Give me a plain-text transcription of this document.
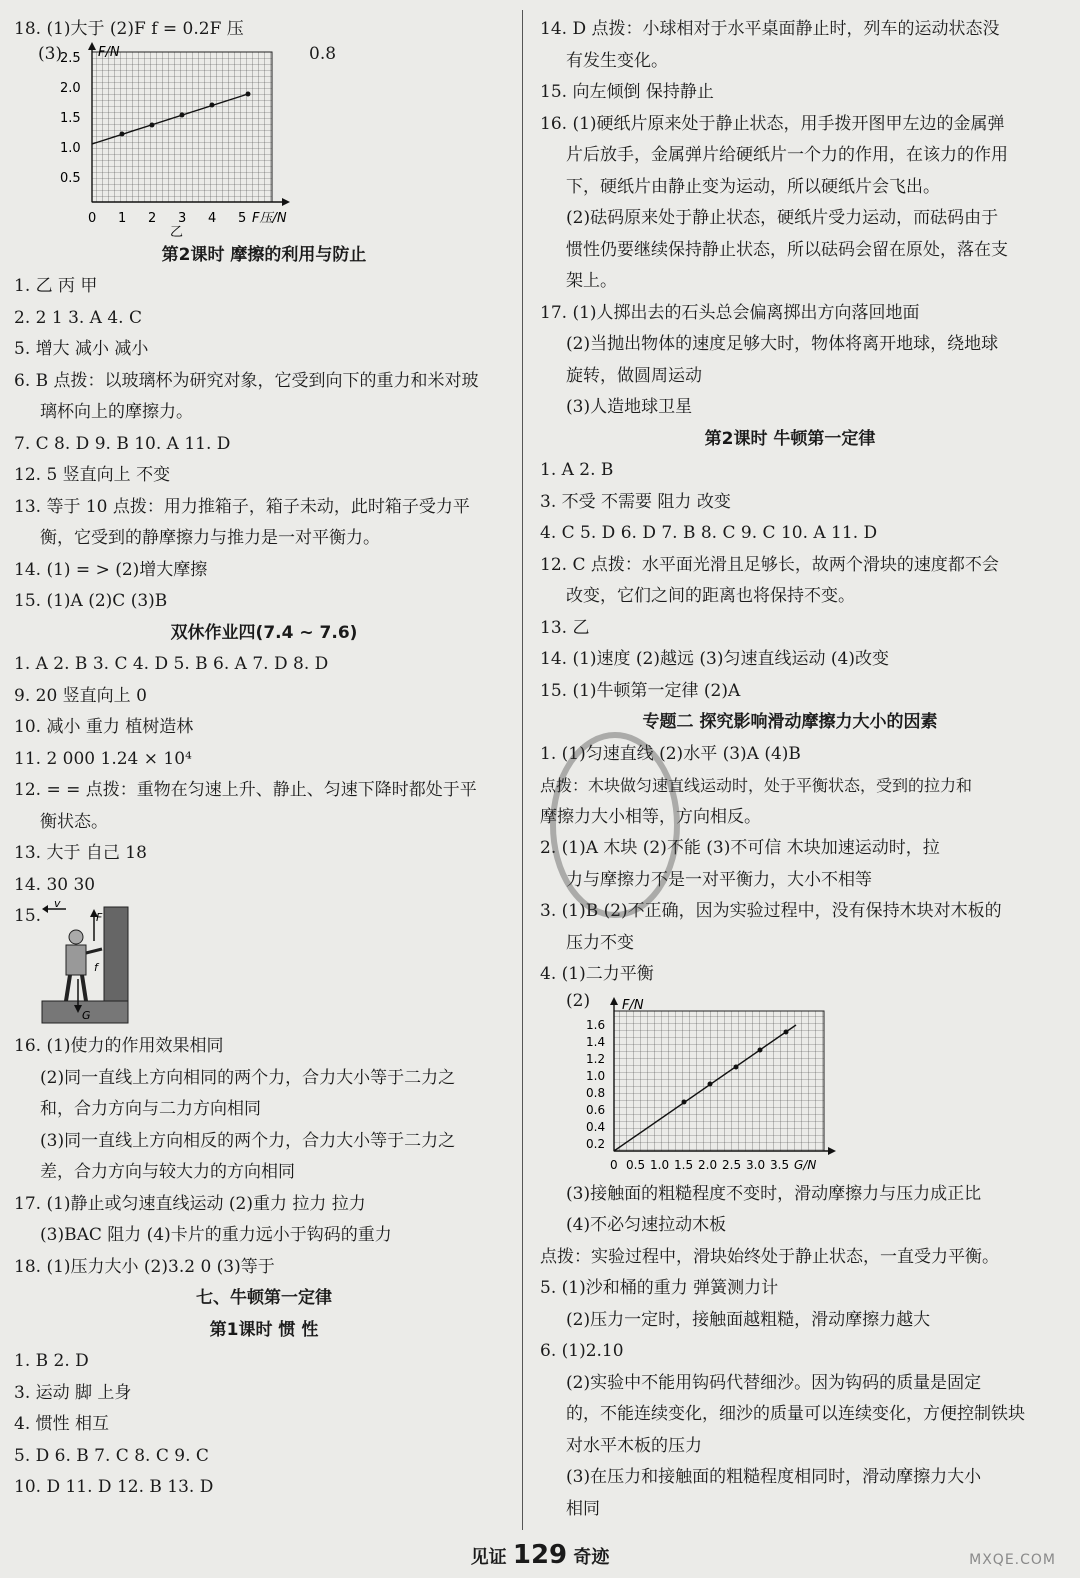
18. (1)大于 (2)F f = 0.2F 压
(3)	0.8
F/N
2.5
2.0
1.5
1.0
0.5
0 1 2 3 4 5 F压/N
乙
第2课时 摩擦的利用与防止
1. 乙 丙 甲
2. 2 1 3. A 4. C
5. 增大 减小 减小
6. B 点拨：以玻璃杯为研究对象，它受到向下的重力和米对玻
璃杯向上的摩擦力。
7. C 8. D 9. B 10. A 11. D
12. 5 竖直向上 不变
13. 等于 10 点拨：用力推箱子，箱子未动，此时箱子受力平
衡，它受到的静摩擦力与推力是一对平衡力。
14. (1) = > (2)增大摩擦
15. (1)A (2)C (3)B
双休作业四(7.4 ~ 7.6)
1. A 2. B 3. C 4. D 5. B 6. A 7. D 8. D
9. 20 竖直向上 0
10. 减小 重力 植树造林
11. 2 000 1.24 × 10⁴
12. = = 点拨：重物在匀速上升、静止、匀速下降时都处于平
衡状态。
13. 大于 自己 18
14. 30 30
15.
v
F
f
G
16. (1)使力的作用效果相同
(2)同一直线上方向相同的两个力，合力大小等于二力之
和，合力方向与二力方向相同
(3)同一直线上方向相反的两个力，合力大小等于二力之
差，合力方向与较大力的方向相同
17. (1)静止或匀速直线运动 (2)重力 拉力 拉力
(3)BAC 阻力 (4)卡片的重力远小于钩码的重力
18. (1)压力大小 (2)3.2 0 (3)等于
七、牛顿第一定律
第1课时 惯 性
1. B 2. D
3. 运动 脚 上身
4. 惯性 相互
5. D 6. B 7. C 8. C 9. C
10. D 11. D 12. B 13. D
14. D 点拨：小球相对于水平桌面静止时，列车的运动状态没
有发生变化。
15. 向左倾倒 保持静止
16. (1)硬纸片原来处于静止状态，用手拨开图甲左边的金属弹
片后放手，金属弹片给硬纸片一个力的作用，在该力的作用
下，硬纸片由静止变为运动，所以硬纸片会飞出。
(2)砝码原来处于静止状态，硬纸片受力运动，而砝码由于
惯性仍要继续保持静止状态，所以砝码会留在原处，落在支
架上。
17. (1)人掷出去的石头总会偏离掷出方向落回地面
(2)当抛出物体的速度足够大时，物体将离开地球，绕地球
旋转，做圆周运动
(3)人造地球卫星
第2课时 牛顿第一定律
1. A 2. B
3. 不受 不需要 阻力 改变
4. C 5. D 6. D 7. B 8. C 9. C 10. A 11. D
12. C 点拨：水平面光滑且足够长，故两个滑块的速度都不会
改变，它们之间的距离也将保持不变。
13. 乙
14. (1)速度 (2)越远 (3)匀速直线运动 (4)改变
15. (1)牛顿第一定律 (2)A
专题二 探究影响滑动摩擦力大小的因素
1. (1)匀速直线 (2)水平 (3)A (4)B
点拨：木块做匀速直线运动时，处于平衡状态，受到的拉力和
摩擦力大小相等，方向相反。
2. (1)A 木块 (2)不能 (3)不可信 木块加速运动时，拉
力与摩擦力不是一对平衡力，大小不相等
3. (1)B (2)不正确，因为实验过程中，没有保持木块对木板的
压力不变
4. (1)二力平衡
(2) F/N
1.6
1.4
1.2
1.0
0.8
0.6
0.4
0.2
0 0.5 1.0 1.5 2.0 2.5 3.0 3.5 G/N
(3)接触面的粗糙程度不变时，滑动摩擦力与压力成正比
(4)不必匀速拉动木板
点拨：实验过程中，滑块始终处于静止状态，一直受力平衡。
5. (1)沙和桶的重力 弹簧测力计
(2)压力一定时，接触面越粗糙，滑动摩擦力越大
6. (1)2.10
(2)实验中不能用钩码代替细沙。因为钩码的质量是固定
的，不能连续变化，细沙的质量可以连续变化，方便控制铁块
对水平木板的压力
(3)在压力和接触面的粗糙程度相同时，滑动摩擦力大小
相同
见证 129 奇迹	MXQE.COM
